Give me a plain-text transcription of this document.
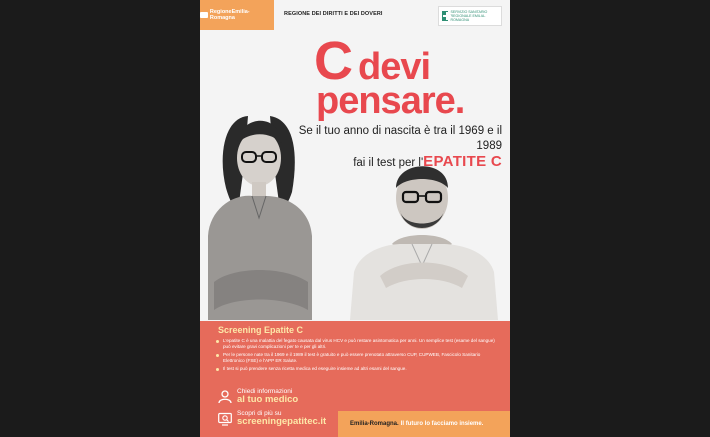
RegioneEmilia-Romagna
REGIONE DEI DIRITTI E DEI DOVERI	SERVIZIO SANITARIO REGIONALE EMILIA-ROMAGNA
C devi
pensare.
Se il tuo anno di nascita è tra il 1969 e il 1989
fai il test per l'EPATITE C
Screening Epatite C
L'epatite C è una malattia del fegato causata dal virus HCV e può restare asintomatica per anni. Un semplice test (esame del sangue) può evitare gravi complicazioni per te e per gli altri.
Per le persone nate tra il 1969 e il 1989 il test è gratuito e può essere prenotato attraverso CUP, CUPWEB, Fascicolo Sanitario Elettronico (FSE) e l'APP ER Salute.
Il test si può prendere senza ricetta medica ed eseguire insieme ad altri esami del sangue.
Chiedi informazioni
al tuo medico
Scopri di più su
screeningepatitec.it	Emilia-Romagna. Il futuro lo facciamo insieme.
